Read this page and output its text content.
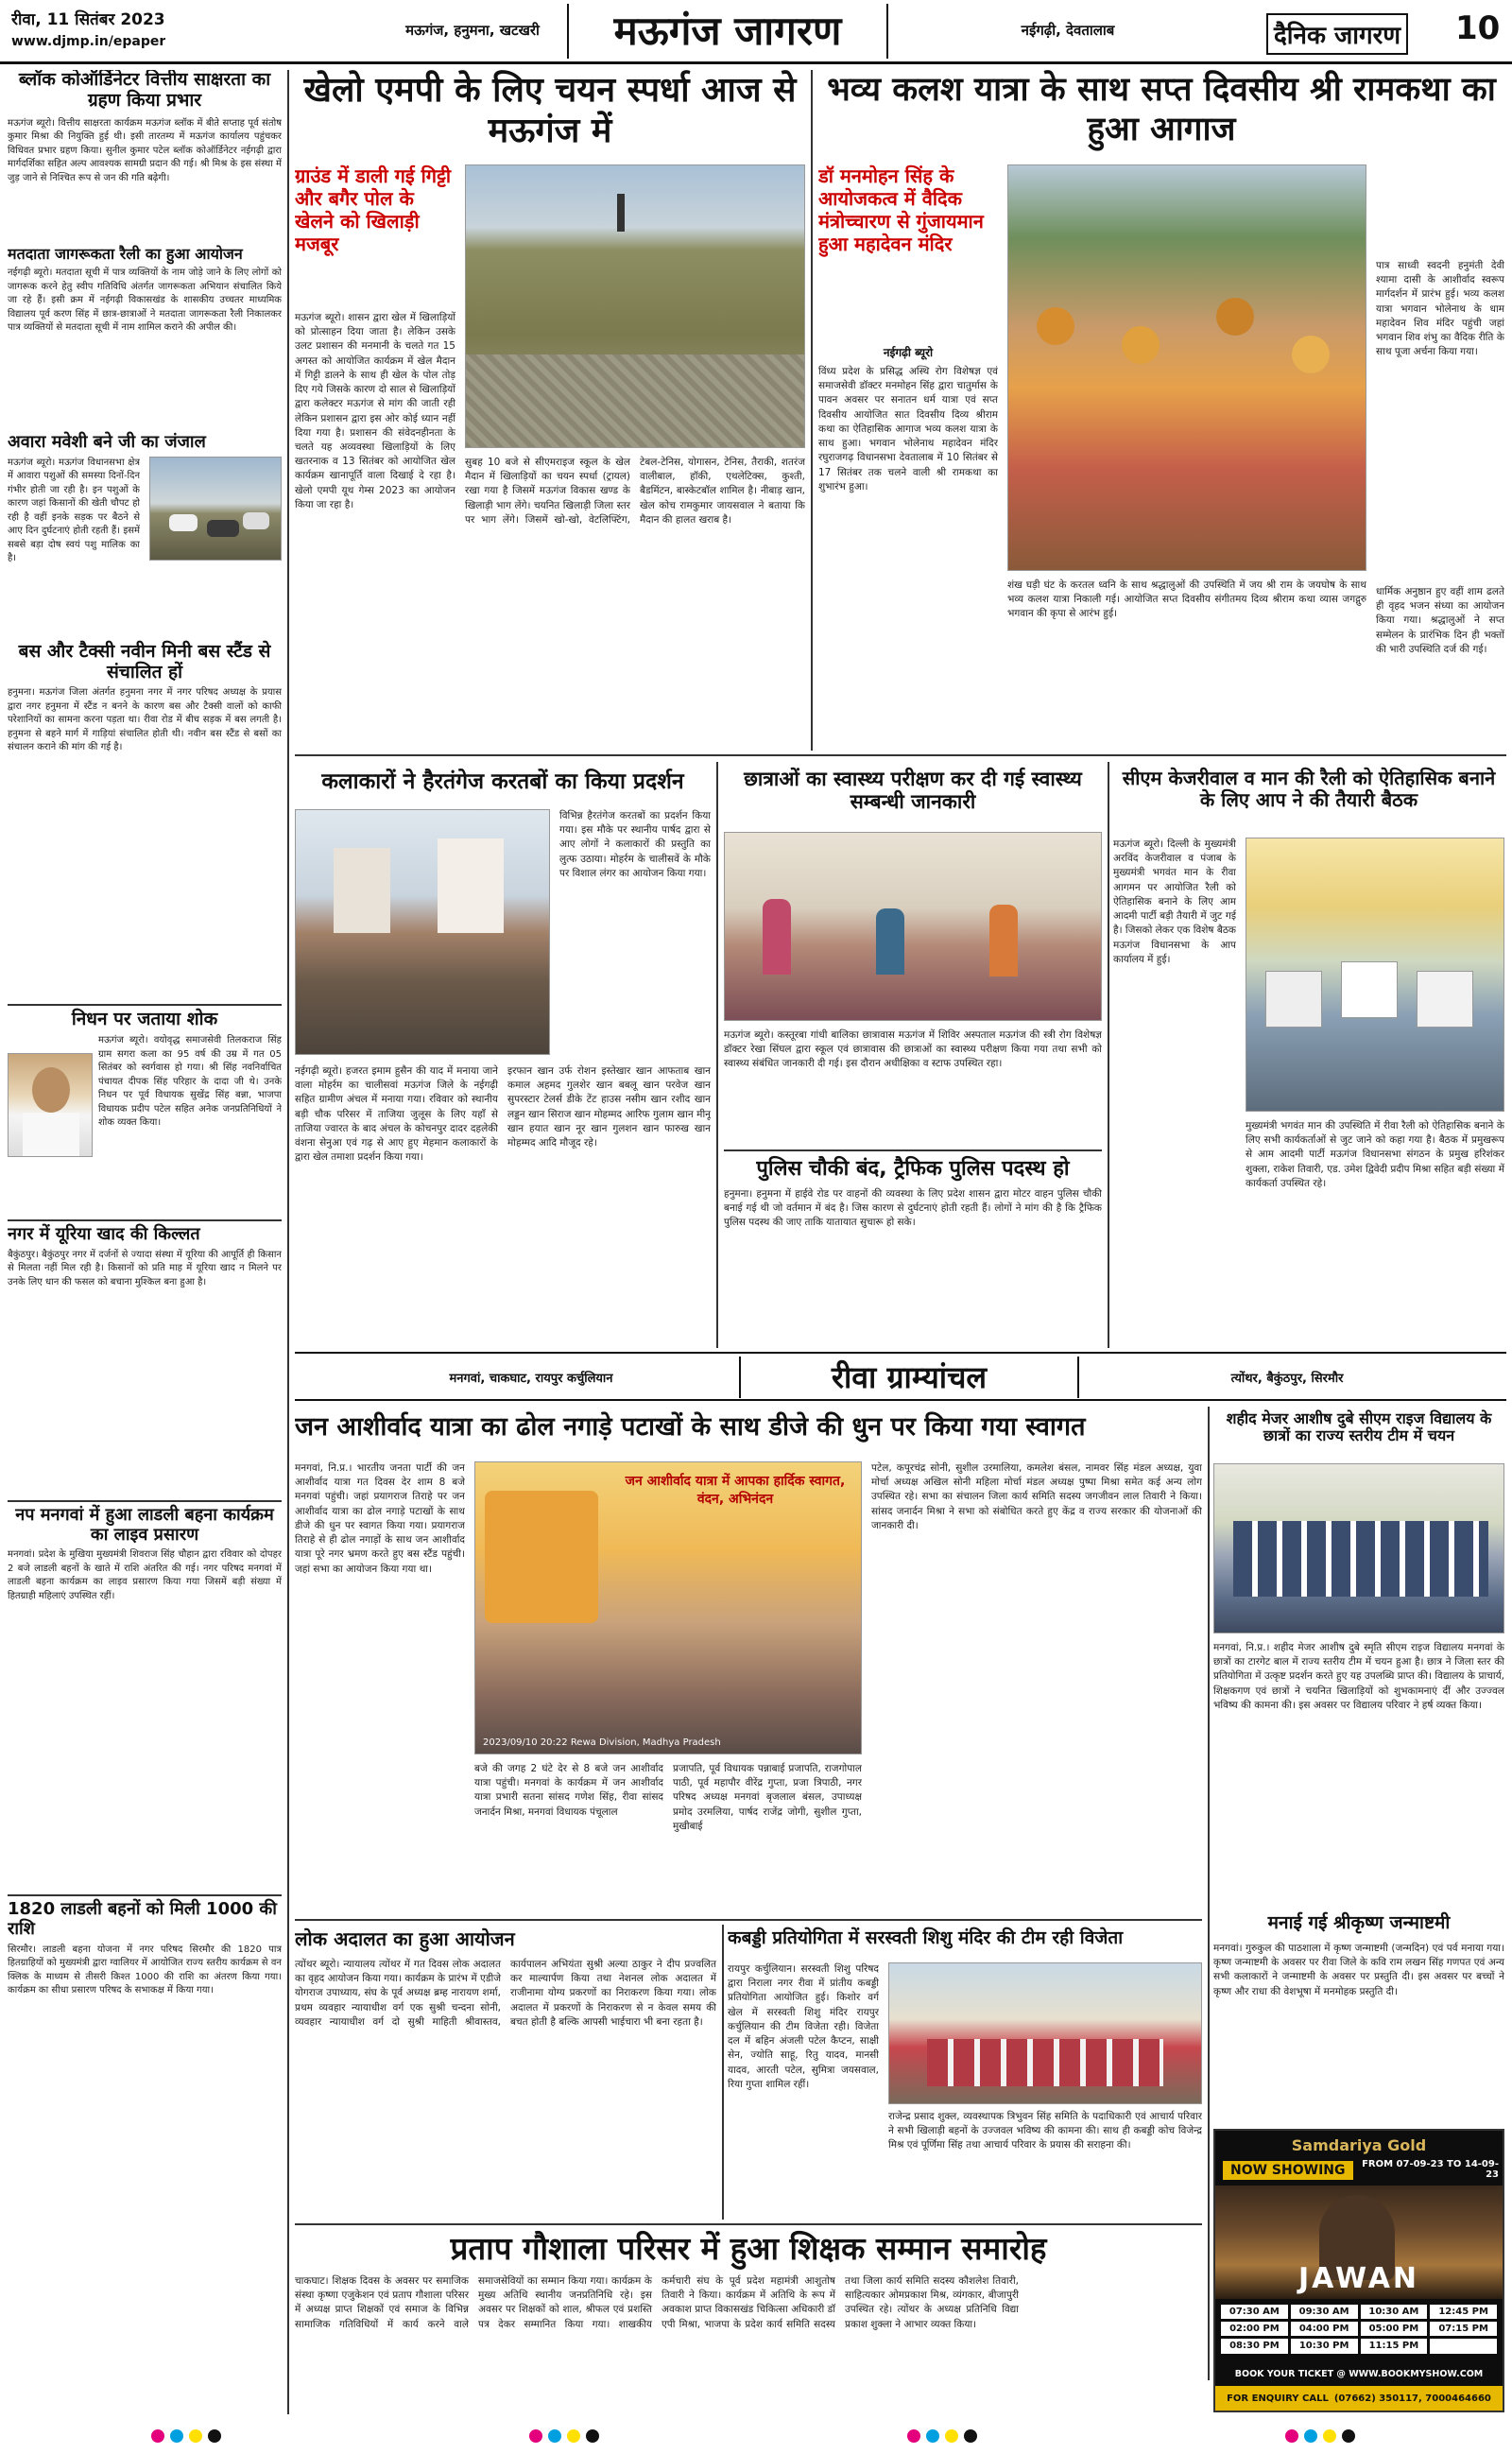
रीवा, 11 सितंबर 2023
www.djmp.in/epaper
मऊगंज, हनुमना, खटखरी	मऊगंज जागरण	नईगढ़ी, देवतालाब	दैनिक जागरण 10
ब्लॉक कोऑर्डिनेटर वित्तीय साक्षरता का ग्रहण किया प्रभार
मऊगंज ब्यूरो। वित्तीय साक्षरता कार्यक्रम मऊगंज ब्लॉक में बीते सप्ताह पूर्व संतोष कुमार मिश्रा की नियुक्ति हुई थी। इसी तारतम्य में मऊगंज कार्यालय पहुंचकर विधिवत प्रभार ग्रहण किया। सुनील कुमार पटेल ब्लॉक कोऑर्डिनेटर नईगढ़ी द्वारा मार्गदर्शिका सहित अल्प आवश्यक सामग्री प्रदान की गई। श्री मिश्र के इस संस्था में जुड़ जाने से निश्चित रूप से जन की गति बढ़ेगी।
मतदाता जागरूकता रैली का हुआ आयोजन
नईगढ़ी ब्यूरो। मतदाता सूची में पात्र व्यक्तियों के नाम जोड़े जाने के लिए लोगों को जागरूक करने हेतु स्वीप गतिविधि अंतर्गत जागरूकता अभियान संचालित किये जा रहे हैं। इसी क्रम में नईगढ़ी विकासखंड के शासकीय उच्चतर माध्यमिक विद्यालय पूर्व करण सिंह में छात्र-छात्राओं ने मतदाता जागरूकता रैली निकालकर पात्र व्यक्तियों से मतदाता सूची में नाम शामिल कराने की अपील की।
अवारा मवेशी बने जी का जंजाल
मऊगंज ब्यूरो। मऊगंज विधानसभा क्षेत्र में आवारा पशुओं की समस्या दिनों-दिन गंभीर होती जा रही है। इन पशुओं के कारण जहां किसानों की खेती चौपट हो रही है वहीं इनके सड़क पर बैठने से आए दिन दुर्घटनाएं होती रहती हैं। इसमें सबसे बड़ा दोष स्वयं पशु मालिक का है।
बस और टैक्सी नवीन मिनी बस स्टैंड से संचालित हों
हनुमना। मऊगंज जिला अंतर्गत हनुमना नगर में नगर परिषद अध्यक्ष के प्रयास द्वारा नगर हनुमना में स्टैंड न बनने के कारण बस और टैक्सी वालों को काफी परेशानियों का सामना करना पड़ता था। रीवा रोड में बीच सड़क में बस लगती है। हनुमना से बहने मार्ग में गाड़ियां संचालित होती थी। नवीन बस स्टैंड से बसों का संचालन कराने की मांग की गई है।
निधन पर जताया शोक
मऊगंज ब्यूरो। वयोवृद्ध समाजसेवी तिलकराज सिंह ग्राम सगरा कला का 95 वर्ष की उम्र में गत 05 सितंबर को स्वर्गवास हो गया। श्री सिंह नवनिर्वाचित पंचायत दीपक सिंह परिहार के दादा जी थे। उनके निधन पर पूर्व विधायक सुखेंद्र सिंह बन्ना, भाजपा विधायक प्रदीप पटेल सहित अनेक जनप्रतिनिधियों ने शोक व्यक्त किया।
नगर में यूरिया खाद की किल्लत
बैकुंठपुर। बैकुंठपुर नगर में दर्जनों से ज्यादा संस्था में यूरिया की आपूर्ति ही किसान से मिलता नहीं मिल रही है। किसानों को प्रति माह में यूरिया खाद न मिलने पर उनके लिए धान की फसल को बचाना मुश्किल बना हुआ है।
नप मनगवां में हुआ लाडली बहना कार्यक्रम का लाइव प्रसारण
मनगवां। प्रदेश के मुखिया मुख्यमंत्री शिवराज सिंह चौहान द्वारा रविवार को दोपहर 2 बजे लाडली बहनों के खाते में राशि अंतरित की गई। नगर परिषद मनगवां में लाडली बहना कार्यक्रम का लाइव प्रसारण किया गया जिसमें बड़ी संख्या में हितग्राही महिलाएं उपस्थित रहीं।
1820 लाडली बहनों को मिली 1000 की राशि
सिरमौर। लाडली बहना योजना में नगर परिषद सिरमौर की 1820 पात्र हितग्राहियों को मुख्यमंत्री द्वारा ग्वालियर में आयोजित राज्य स्तरीय कार्यक्रम से वन क्लिक के माध्यम से तीसरी किश्त 1000 की राशि का अंतरण किया गया। कार्यक्रम का सीधा प्रसारण परिषद के सभाकक्ष में किया गया।
खेलो एमपी के लिए चयन स्पर्धा आज से मऊगंज में
ग्राउंड में डाली गई गिट्टी और बगैर पोल के खेलने को खिलाड़ी मजबूर
मऊगंज ब्यूरो। शासन द्वारा खेल में खिलाड़ियों को प्रोत्साहन दिया जाता है। लेकिन उसके उलट प्रशासन की मनमानी के चलते गत 15 अगस्त को आयोजित कार्यक्रम में खेल मैदान में गिट्टी डालने के साथ ही खेल के पोल तोड़ दिए गये जिसके कारण दो साल से खिलाड़ियों द्वारा कलेक्टर मऊगंज से मांग की जाती रही लेकिन प्रशासन द्वारा इस ओर कोई ध्यान नहीं दिया गया है। प्रशासन की संवेदनहीनता के चलते यह अव्यवस्था खिलाड़ियों के लिए खतरनाक व 13 सितंबर को आयोजित खेल कार्यक्रम खानापूर्ति वाला दिखाई दे रहा है। खेलो एमपी यूथ गेम्स 2023 का आयोजन किया जा रहा है।
सुबह 10 बजे से सीएमराइज स्कूल के खेल मैदान में खिलाड़ियों का चयन स्पर्धा (ट्रायल) रखा गया है जिसमें मऊगंज विकास खण्ड के खिलाड़ी भाग लेंगे। चयनित खिलाड़ी जिला स्तर पर भाग लेंगे। जिसमें खो-खो, वेटलिफ्टिंग, टेबल-टेनिस, योगासन, टेनिस, तैराकी, शतरंज वालीबाल, हॉकी, एथलेटिक्स, कुश्ती, बैडमिंटन, बास्केटबॉल शामिल है। नीबाड़ खान, खेल कोच रामकुमार जायसवाल ने बताया कि मैदान की हालत खराब है।
भव्य कलश यात्रा के साथ सप्त दिवसीय श्री रामकथा का हुआ आगाज
डॉ मनमोहन सिंह के आयोजकत्व में वैदिक मंत्रोच्चारण से गुंजायमान हुआ महादेवन मंदिर
नईगढ़ी ब्यूरो
विंध्य प्रदेश के प्रसिद्ध अस्थि रोग विशेषज्ञ एवं समाजसेवी डॉक्टर मनमोहन सिंह द्वारा चातुर्मास के पावन अवसर पर सनातन धर्म यात्रा एवं सप्त दिवसीय आयोजित सात दिवसीय दिव्य श्रीराम कथा का ऐतिहासिक आगाज भव्य कलश यात्रा के साथ हुआ। भगवान भोलेनाथ महादेवन मंदिर रघुराजगढ़ विधानसभा देवतालाब में 10 सितंबर से 17 सितंबर तक चलने वाली श्री रामकथा का शुभारंभ हुआ।
शंख घड़ी घंट के करतल ध्वनि के साथ श्रद्धालुओं की उपस्थिति में जय श्री राम के जयघोष के साथ भव्य कलश यात्रा निकाली गई। आयोजित सप्त दिवसीय संगीतमय दिव्य श्रीराम कथा व्यास जगद्गुरु भगवान की कृपा से आरंभ हुई।
पात्र साध्वी स्वदनी हनुमंती देवी श्यामा दासी के आशीर्वाद स्वरूप मार्गदर्शन में प्रारंभ हुई। भव्य कलश यात्रा भगवान भोलेनाथ के धाम महादेवन शिव मंदिर पहुंची जहां भगवान शिव शंभु का वैदिक रीति के साथ पूजा अर्चना किया गया।
धार्मिक अनुष्ठान हुए वहीं शाम ढलते ही वृहद भजन संध्या का आयोजन किया गया। श्रद्धालुओं ने सप्त सम्मेलन के प्रारंभिक दिन ही भक्तों की भारी उपस्थिति दर्ज की गई।
कलाकारों ने हैरतंगेज करतबों का किया प्रदर्शन
विभिन्न हैरतंगेज करतबों का प्रदर्शन किया गया। इस मौके पर स्थानीय पार्षद द्वारा से आए लोगों ने कलाकारों की प्रस्तुति का लुत्फ उठाया। मोहर्रम के चालीसवें के मौके पर विशाल लंगर का आयोजन किया गया।
नईगढ़ी ब्यूरो। हजरत इमाम हुसैन की याद में मनाया जाने वाला मोहर्रम का चालीसवां मऊगंज जिले के नईगढ़ी सहित ग्रामीण अंचल में मनाया गया। रविवार को स्थानीय बड़ी चौक परिसर में ताजिया जुलूस के लिए यहाँ से ताजिया ज्वारत के बाद अंचल के कोचनपुर दादर दहलेकी वंशना सेनुआ एवं गढ़ से आए हुए मेहमान कलाकारों के द्वारा खेल तमाशा प्रदर्शन किया गया।
इरफान खान उर्फ रोशन इस्तेखार खान आफताब खान कमाल अहमद गुलशेर खान बबलू खान परवेज खान सुपरस्टार टेलर्स डीके टेंट हाउस नसीम खान रशीद खान लड्डन खान सिराज खान मोहम्मद आरिफ गुलाम खान मीनू खान हयात खान नूर खान गुलशन खान फारुख खान मोहम्मद आदि मौजूद रहे।
छात्राओं का स्वास्थ्य परीक्षण कर दी गई स्वास्थ्य सम्बन्धी जानकारी
मऊगंज ब्यूरो। कस्तूरबा गांधी बालिका छात्रावास मऊगंज में शिविर अस्पताल मऊगंज की स्त्री रोग विशेषज्ञ डॉक्टर रेखा सिंघल द्वारा स्कूल एवं छात्रावास की छात्राओं का स्वास्थ्य परीक्षण किया गया तथा सभी को स्वास्थ्य संबंधित जानकारी दी गई। इस दौरान अधीक्षिका व स्टाफ उपस्थित रहा।
पुलिस चौकी बंद, ट्रैफिक पुलिस पदस्थ हो
हनुमना। हनुमना में हाईवे रोड पर वाहनों की व्यवस्था के लिए प्रदेश शासन द्वारा मोटर वाहन पुलिस चौकी बनाई गई थी जो वर्तमान में बंद है। जिस कारण से दुर्घटनाएं होती रहती हैं। लोगों ने मांग की है कि ट्रैफिक पुलिस पदस्थ की जाए ताकि यातायात सुचारू हो सके।
सीएम केजरीवाल व मान की रैली को ऐतिहासिक बनाने के लिए आप ने की तैयारी बैठक
मऊगंज ब्यूरो। दिल्ली के मुख्यमंत्री अरविंद केजरीवाल व पंजाब के मुख्यमंत्री भगवंत मान के रीवा आगमन पर आयोजित रैली को ऐतिहासिक बनाने के लिए आम आदमी पार्टी बड़ी तैयारी में जुट गई है। जिसको लेकर एक विशेष बैठक मऊगंज विधानसभा के आप कार्यालय में हुई।
मुख्यमंत्री भगवंत मान की उपस्थिति में रीवा रैली को ऐतिहासिक बनाने के लिए सभी कार्यकर्ताओं से जुट जाने को कहा गया है। बैठक में प्रमुखरूप से आम आदमी पार्टी मऊगंज विधानसभा संगठन के प्रमुख हरिशंकर शुक्ला, राकेश तिवारी, एड. उमेश द्विवेदी प्रदीप मिश्रा सहित बड़ी संख्या में कार्यकर्ता उपस्थित रहे।
मनगवां, चाकघाट, रायपुर कर्चुलियान	रीवा ग्राम्यांचल	त्योंथर, बैकुंठपुर, सिरमौर
जन आशीर्वाद यात्रा का ढोल नगाड़े पटाखों के साथ डीजे की धुन पर किया गया स्वागत
मनगवां, नि.प्र.। भारतीय जनता पार्टी की जन आशीर्वाद यात्रा गत दिवस देर शाम 8 बजे मनगवां पहुंची। जहां प्रयागराज तिराहे पर जन आशीर्वाद यात्रा का ढोल नगाड़े पटाखों के साथ डीजे की धुन पर स्वागत किया गया। प्रयागराज तिराहे से ही ढोल नगाड़ों के साथ जन आशीर्वाद यात्रा पूरे नगर भ्रमण करते हुए बस स्टैंड पहुंची। जहां सभा का आयोजन किया गया था।
जन आशीर्वाद यात्रा में आपका हार्दिक स्वागत, वंदन, अभिनंदन
2023/09/10 20:22 Rewa Division, Madhya Pradesh
बजे की जगह 2 घंटे देर से 8 बजे जन आशीर्वाद यात्रा पहुंची। मनगवां के कार्यक्रम में जन आशीर्वाद यात्रा प्रभारी सतना सांसद गणेश सिंह, रीवा सांसद जनार्दन मिश्रा, मनगवां विधायक पंचूलाल
प्रजापति, पूर्व विधायक पन्नाबाई प्रजापति, राजगोपाल पाठी, पूर्व महापौर वीरेंद्र गुप्ता, प्रजा त्रिपाठी, नगर परिषद अध्यक्ष मनगवां बृजलाल बंसल, उपाध्यक्ष प्रमोद उरमलिया, पार्षद राजेंद्र जोगी, सुशील गुप्ता, मुखीबाई
पटेल, कपूरचंद्र सोनी, सुशील उरमालिया, कमलेश बंसल, नामवर सिंह मंडल अध्यक्ष, युवा मोर्चा अध्यक्ष अखिल सोनी महिला मोर्चा मंडल अध्यक्ष पुष्पा मिश्रा समेत कई अन्य लोग उपस्थित रहे। सभा का संचालन जिला कार्य समिति सदस्य जगजीवन लाल तिवारी ने किया। सांसद जनार्दन मिश्रा ने सभा को संबोधित करते हुए केंद्र व राज्य सरकार की योजनाओं की जानकारी दी।
शहीद मेजर आशीष दुबे सीएम राइज विद्यालय के छात्रों का राज्य स्तरीय टीम में चयन
मनगवां, नि.प्र.। शहीद मेजर आशीष दुबे स्मृति सीएम राइज विद्यालय मनगवां के छात्रों का टारगेट बाल में राज्य स्तरीय टीम में चयन हुआ है। छात्र ने जिला स्तर की प्रतियोगिता में उत्कृष्ट प्रदर्शन करते हुए यह उपलब्धि प्राप्त की। विद्यालय के प्राचार्य, शिक्षकगण एवं छात्रों ने चयनित खिलाड़ियों को शुभकामनाएं दीं और उज्ज्वल भविष्य की कामना की। इस अवसर पर विद्यालय परिवार ने हर्ष व्यक्त किया।
मनाई गई श्रीकृष्ण जन्माष्टमी
मनगवां। गुरुकुल की पाठशाला में कृष्ण जन्माष्टमी (जन्मदिन) एवं पर्व मनाया गया। कृष्ण जन्माष्टमी के अवसर पर रीवा जिले के कवि राम लखन सिंह गणपत एवं अन्य सभी कलाकारों ने जन्माष्टमी के अवसर पर प्रस्तुति दी। इस अवसर पर बच्चों ने कृष्ण और राधा की वेशभूषा में मनमोहक प्रस्तुति दी।
लोक अदालत का हुआ आयोजन
त्योंथर ब्यूरो। न्यायालय त्योंथर में गत दिवस लोक अदालत का वृहद आयोजन किया गया। कार्यक्रम के प्रारंभ में एडीजे योगराज उपाध्याय, संघ के पूर्व अध्यक्ष ब्रम्ह नारायण शर्मा, प्रथम व्यवहार न्यायाधीश वर्ग एक सुश्री चन्दना सोनी, व्यवहार न्यायाधीश वर्ग दो सुश्री माहिती श्रीवास्तव, कार्यपालन अभियंता सुश्री अल्या ठाकुर ने दीप प्रज्वलित कर माल्यार्पण किया तथा नेशनल लोक अदालत में राजीनामा योग्य प्रकरणों का निराकरण किया गया। लोक अदालत में प्रकरणों के निराकरण से न केवल समय की बचत होती है बल्कि आपसी भाईचारा भी बना रहता है।
कबड्डी प्रतियोगिता में सरस्वती शिशु मंदिर की टीम रही विजेता
रायपुर कर्चुलियान। सरस्वती शिशु परिषद द्वारा निराला नगर रीवा में प्रांतीय कबड्डी प्रतियोगिता आयोजित हुई। किशोर वर्ग खेल में सरस्वती शिशु मंदिर रायपुर कर्चुलियान की टीम विजेता रही। विजेता दल में बहिन अंजली पटेल कैप्टन, साक्षी सेन, ज्योति साहू, रितु यादव, मानसी यादव, आरती पटेल, सुमित्रा जयसवाल, रिया गुप्ता शामिल रहीं।
राजेन्द्र प्रसाद शुक्ल, व्यवस्थापक त्रिभुवन सिंह समिति के पदाधिकारी एवं आचार्य परिवार ने सभी खिलाड़ी बहनों के उज्जवल भविष्य की कामना की। साथ ही कबड्डी कोच विजेन्द्र मिश्र एवं पूर्णिमा सिंह तथा आचार्य परिवार के प्रयास की सराहना की।
प्रताप गौशाला परिसर में हुआ शिक्षक सम्मान समारोह
चाकघाट। शिक्षक दिवस के अवसर पर समाजिक संस्था कृष्णा एजुकेशन एवं प्रताप गौशाला परिसर में अध्यक्ष प्राप्त शिक्षकों एवं समाज के विभिन्न सामाजिक गतिविधियों में कार्य करने वाले समाजसेवियों का सम्मान किया गया। कार्यक्रम के मुख्य अतिथि स्थानीय जनप्रतिनिधि रहे। इस अवसर पर शिक्षकों को शाल, श्रीफल एवं प्रशस्ति पत्र देकर सम्मानित किया गया। शाखकीय कर्मचारी संघ के पूर्व प्रदेश महामंत्री आशुतोष तिवारी ने किया। कार्यक्रम में अतिथि के रूप में अवकाश प्राप्त विकासखंड चिकित्सा अधिकारी डॉ एपी मिश्रा, भाजपा के प्रदेश कार्य समिति सदस्य तथा जिला कार्य समिति सदस्य कौशलेश तिवारी, साहित्यकार ओमप्रकाश मिश्र, व्यंगकार, बीजापुरी उपस्थित रहे। त्योंथर के अध्यक्ष प्रतिनिधि विद्या प्रकाश शुक्ला ने आभार व्यक्त किया।
Samdariya Gold
NOW SHOWING	FROM 07-09-23 TO 14-09-23
JAWAN
07:30 AM	09:30 AM	10:30 AM	12:45 PM
02:00 PM	04:00 PM	05:00 PM	07:15 PM
08:30 PM	10:30 PM	11:15 PM
BOOK YOUR TICKET @ WWW.BOOKMYSHOW.COM
FOR ENQUIRY CALL (07662) 350117, 7000464660
